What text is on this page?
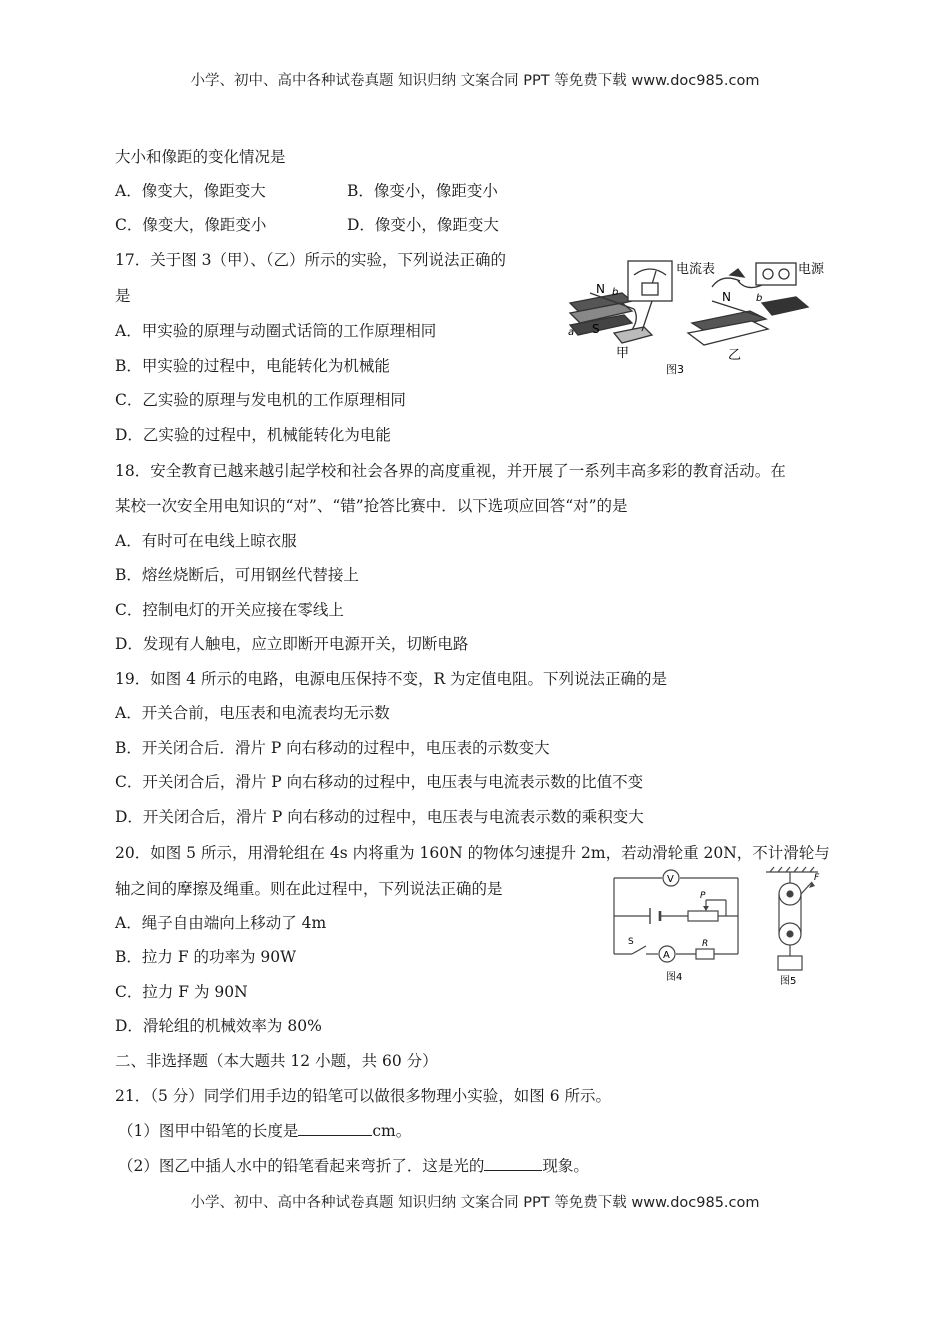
小学、初中、高中各种试卷真题 知识归纳 文案合同 PPT 等免费下载 www.doc985.com
大小和像距的变化情况是
A．像变大，像距变大	B．像变小，像距变小
C．像变大，像距变小	D．像变小，像距变大
17．关于图 3（甲）、（乙）所示的实验，下列说法正确的
是
A．甲实验的原理与动圈式话筒的工作原理相同
B．甲实验的过程中，电能转化为机械能
C．乙实验的原理与发电机的工作原理相同
D．乙实验的过程中，机械能转化为电能
N
S
b
a
电流表
甲
电源
N	b
乙
图3
18．安全教育已越来越引起学校和社会各界的高度重视，并开展了一系列丰高多彩的教育活动。在
某校一次安全用电知识的“对”、“错”抢答比赛中．以下选项应回答“对”的是
A．有时可在电线上晾衣服
B．熔丝烧断后，可用钢丝代替接上
C．控制电灯的开关应接在零线上
D．发现有人触电，应立即断开电源开关，切断电路
19．如图 4 所示的电路，电源电压保持不变，R 为定值电阻。下列说法正确的是
A．开关合前，电压表和电流表均无示数
B．开关闭合后．滑片 P 向右移动的过程中，电压表的示数变大
C．开关闭合后，滑片 P 向右移动的过程中，电压表与电流表示数的比值不变
D．开关闭合后，滑片 P 向右移动的过程中，电压表与电流表示数的乘积变大
20．如图 5 所示，用滑轮组在 4s 内将重为 160N 的物体匀速提升 2m，若动滑轮重 20N，不计滑轮与
轴之间的摩擦及绳重。则在此过程中，下列说法正确的是
A．绳子自由端向上移动了 4m
B．拉力 F 的功率为 90W
C．拉力 F 为 90N
D．滑轮组的机械效率为 80%
V
P
S
A
R
图4
F
图5
二、非选择题（本大题共 12 小题，共 60 分）
21．（5 分）同学们用手边的铅笔可以做很多物理小实验，如图 6 所示。
（1）图甲中铅笔的长度是	cm。
（2）图乙中插人水中的铅笔看起来弯折了．这是光的	现象。
小学、初中、高中各种试卷真题 知识归纳 文案合同 PPT 等免费下载 www.doc985.com
